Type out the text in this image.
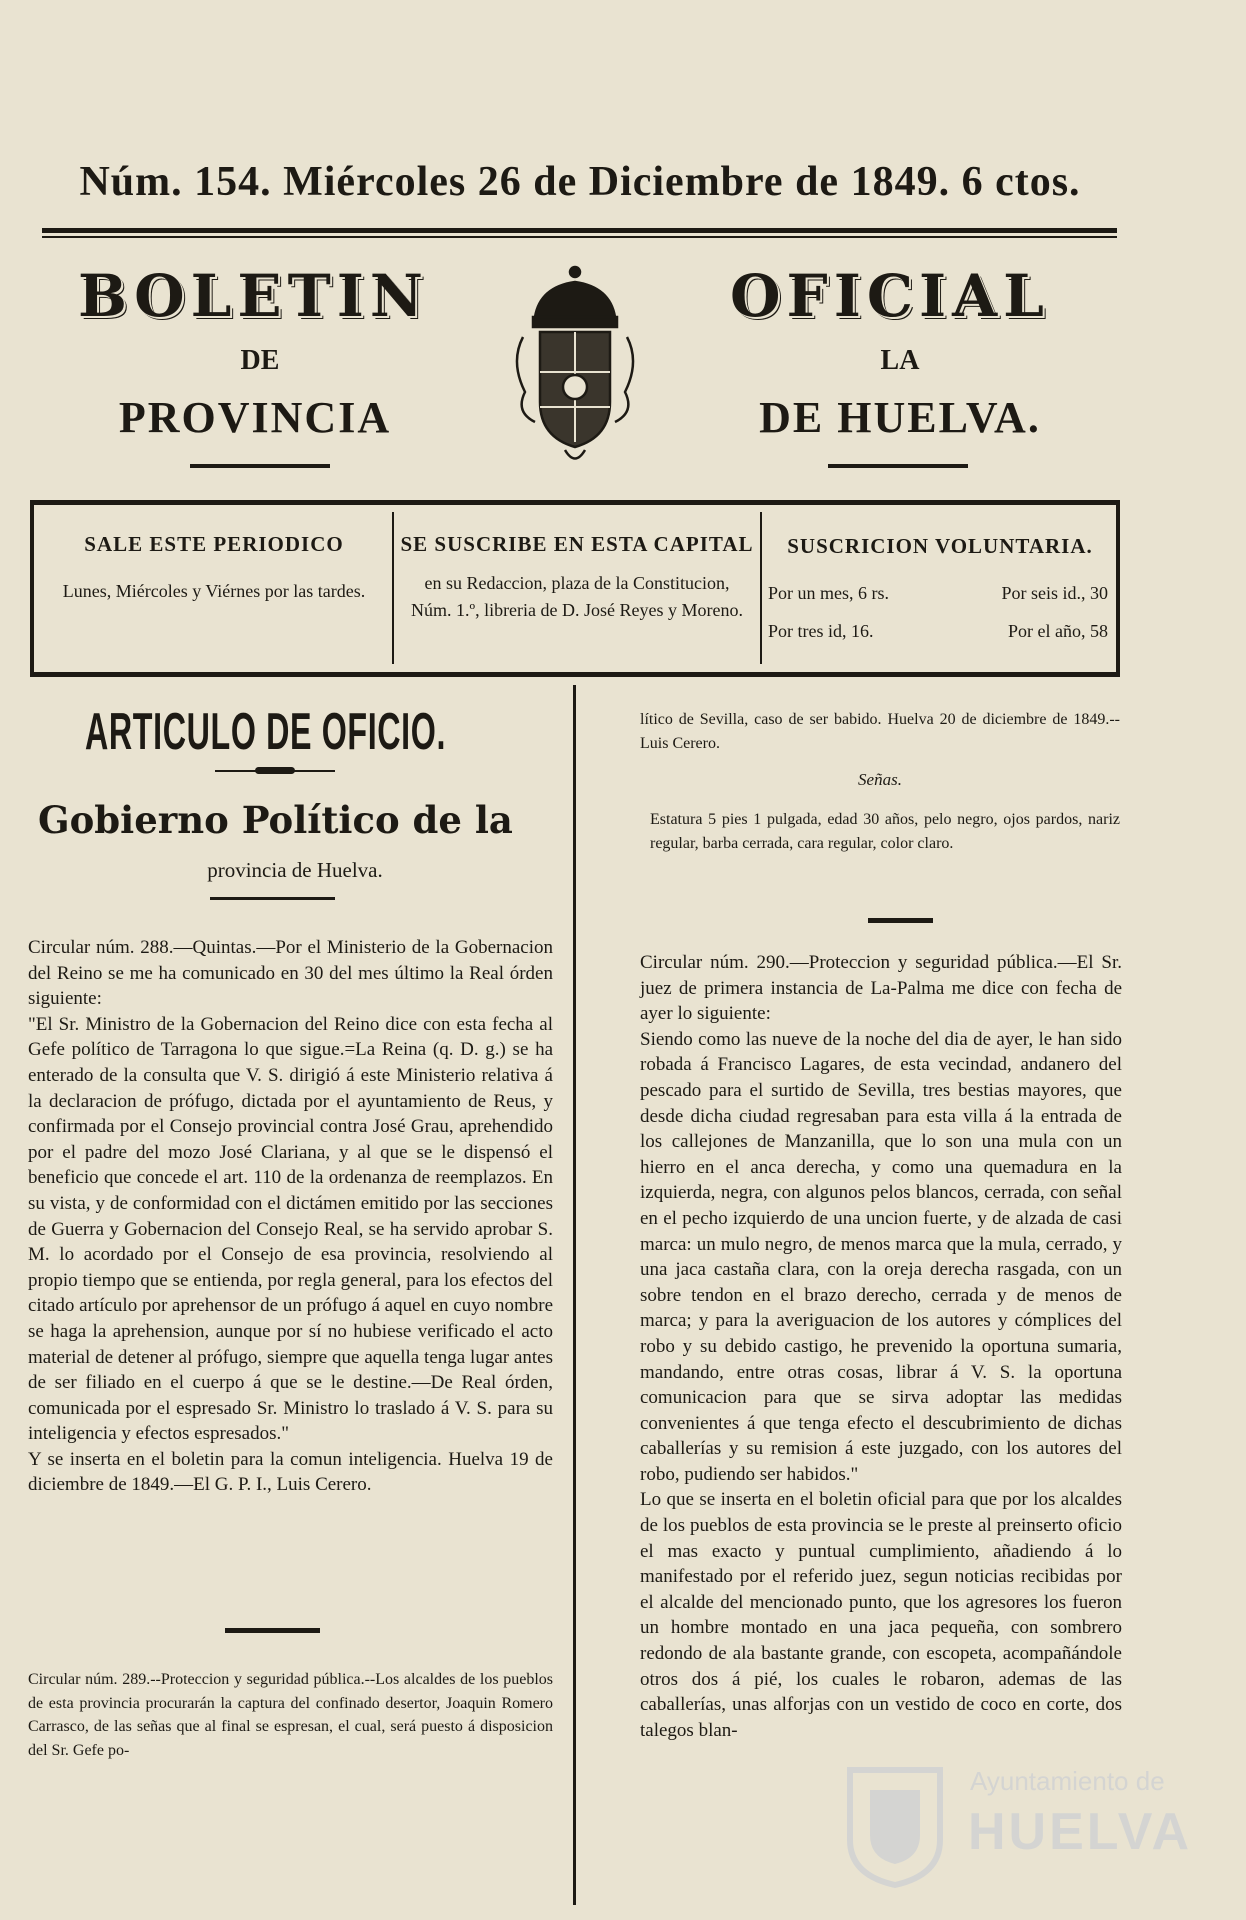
Núm. 154. Miércoles 26 de Diciembre de 1849. 6 ctos.
BOLETIN	OFICIAL
DE	LA
PROVINCIA	DE HUELVA.
SALE ESTE PERIODICO
Lunes, Miércoles y Viérnes por las tardes.
SE SUSCRIBE EN ESTA CAPITAL
en su Redaccion, plaza de la Constitucion, Núm. 1.º, libreria de D. José Reyes y Moreno.
SUSCRICION VOLUNTARIA.
Por un mes, 6 rs.	Por seis id., 30
Por tres id, 16.	Por el año, 58
ARTICULO DE OFICIO.
Gobierno Político de la
provincia de Huelva.
Circular núm. 288.—Quintas.—Por el Ministerio de la Gobernacion del Reino se me ha comunicado en 30 del mes último la Real órden siguiente:
"El Sr. Ministro de la Gobernacion del Reino dice con esta fecha al Gefe político de Tarragona lo que sigue.=La Reina (q. D. g.) se ha enterado de la consulta que V. S. dirigió á este Ministerio relativa á la declaracion de prófugo, dictada por el ayuntamiento de Reus, y confirmada por el Consejo provincial contra José Grau, aprehendido por el padre del mozo José Clariana, y al que se le dispensó el beneficio que concede el art. 110 de la ordenanza de reemplazos. En su vista, y de conformidad con el dictámen emitido por las secciones de Guerra y Gobernacion del Consejo Real, se ha servido aprobar S. M. lo acordado por el Consejo de esa provincia, resolviendo al propio tiempo que se entienda, por regla general, para los efectos del citado artículo por aprehensor de un prófugo á aquel en cuyo nombre se haga la aprehension, aunque por sí no hubiese verificado el acto material de detener al prófugo, siempre que aquella tenga lugar antes de ser filiado en el cuerpo á que se le destine.—De Real órden, comunicada por el espresado Sr. Ministro lo traslado á V. S. para su inteligencia y efectos espresados."
Y se inserta en el boletin para la comun inteligencia. Huelva 19 de diciembre de 1849.—El G. P. I., Luis Cerero.
Circular núm. 289.--Proteccion y seguridad pública.--Los alcaldes de los pueblos de esta provincia procurarán la captura del confinado desertor, Joaquin Romero Carrasco, de las señas que al final se espresan, el cual, será puesto á disposicion del Sr. Gefe po-
lítico de Sevilla, caso de ser babido. Huelva 20 de diciembre de 1849.--Luis Cerero.
Señas.
Estatura 5 pies 1 pulgada, edad 30 años, pelo negro, ojos pardos, nariz regular, barba cerrada, cara regular, color claro.
Circular núm. 290.—Proteccion y seguridad pública.—El Sr. juez de primera instancia de La-Palma me dice con fecha de ayer lo siguiente:
Siendo como las nueve de la noche del dia de ayer, le han sido robada á Francisco Lagares, de esta vecindad, andanero del pescado para el surtido de Sevilla, tres bestias mayores, que desde dicha ciudad regresaban para esta villa á la entrada de los callejones de Manzanilla, que lo son una mula con un hierro en el anca derecha, y como una quemadura en la izquierda, negra, con algunos pelos blancos, cerrada, con señal en el pecho izquierdo de una uncion fuerte, y de alzada de casi marca: un mulo negro, de menos marca que la mula, cerrado, y una jaca castaña clara, con la oreja derecha rasgada, con un sobre tendon en el brazo derecho, cerrada y de menos de marca; y para la averiguacion de los autores y cómplices del robo y su debido castigo, he prevenido la oportuna sumaria, mandando, entre otras cosas, librar á V. S. la oportuna comunicacion para que se sirva adoptar las medidas convenientes á que tenga efecto el descubrimiento de dichas caballerías y su remision á este juzgado, con los autores del robo, pudiendo ser habidos."
Lo que se inserta en el boletin oficial para que por los alcaldes de los pueblos de esta provincia se le preste al preinserto oficio el mas exacto y puntual cumplimiento, añadiendo á lo manifestado por el referido juez, segun noticias recibidas por el alcalde del mencionado punto, que los agresores los fueron un hombre montado en una jaca pequeña, con sombrero redondo de ala bastante grande, con escopeta, acompañándole otros dos á pié, los cuales le robaron, ademas de las caballerías, unas alforjas con un vestido de coco en corte, dos talegos blan-
Ayuntamiento de
HUELVA
